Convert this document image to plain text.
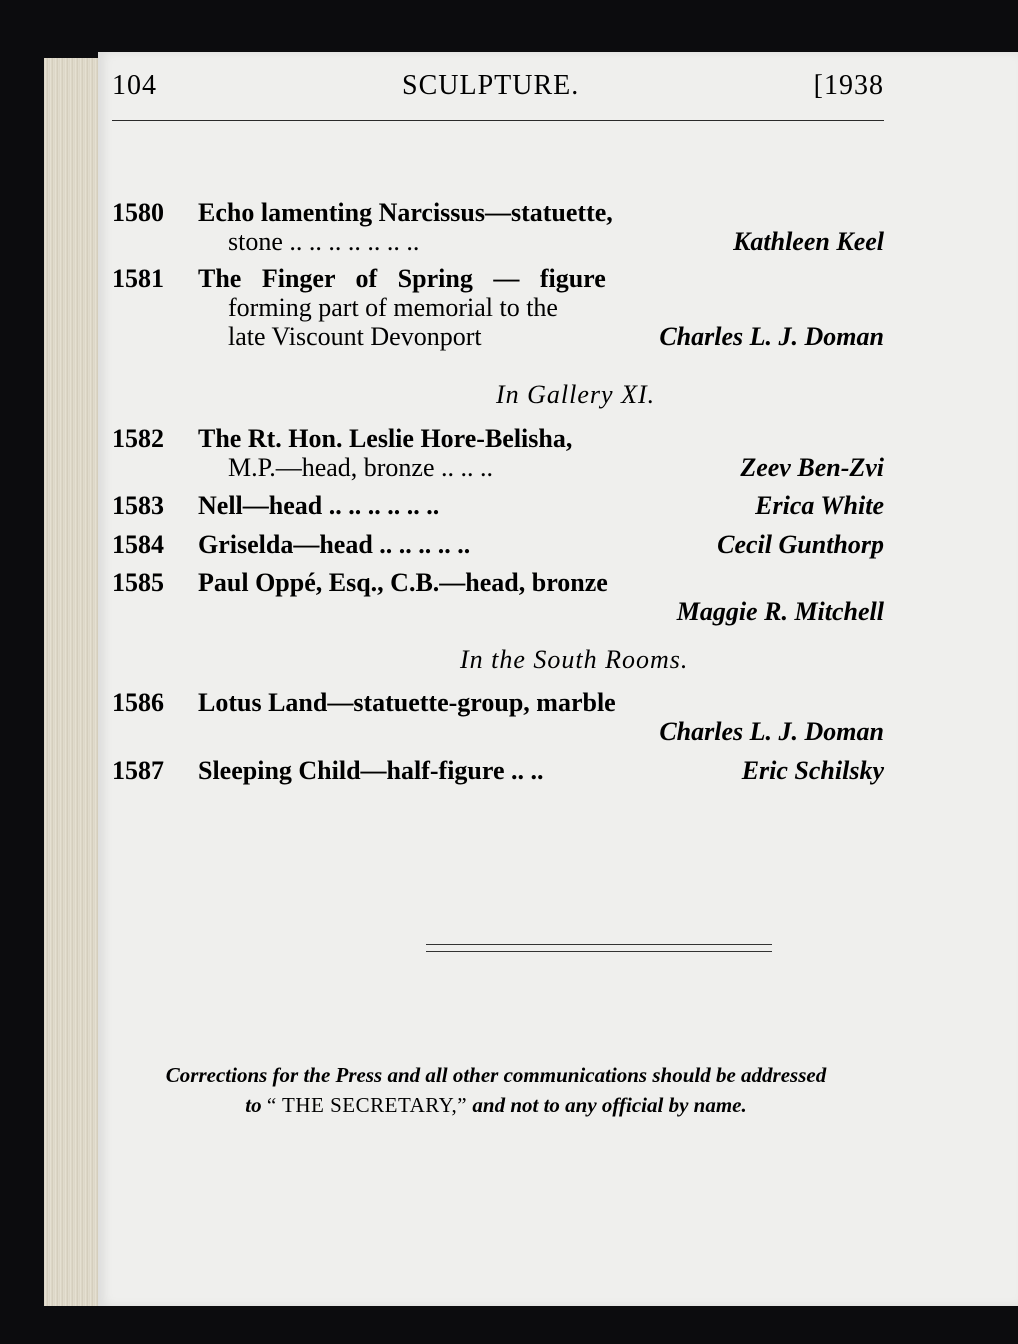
104	SCULPTURE.	[1938
1580 Echo lamenting Narcissus—statuette,
stone .. .. .. .. .. .. ..	Kathleen Keel
1581 The Finger of Spring — figure
forming part of memorial to the
late Viscount Devonport	Charles L. J. Doman
In Gallery XI.
1582 The Rt. Hon. Leslie Hore-Belisha,
M.P.—head, bronze .. .. ..	Zeev Ben-Zvi
1583 Nell—head .. .. .. .. .. ..	Erica White
1584 Griselda—head .. .. .. .. ..	Cecil Gunthorp
1585 Paul Oppé, Esq., C.B.—head, bronze
Maggie R. Mitchell
In the South Rooms.
1586 Lotus Land—statuette-group, marble
Charles L. J. Doman
1587 Sleeping Child—half-figure .. ..	Eric Schilsky
Corrections for the Press and all other communications should be addressed
to “ THE SECRETARY,” and not to any official by name.
